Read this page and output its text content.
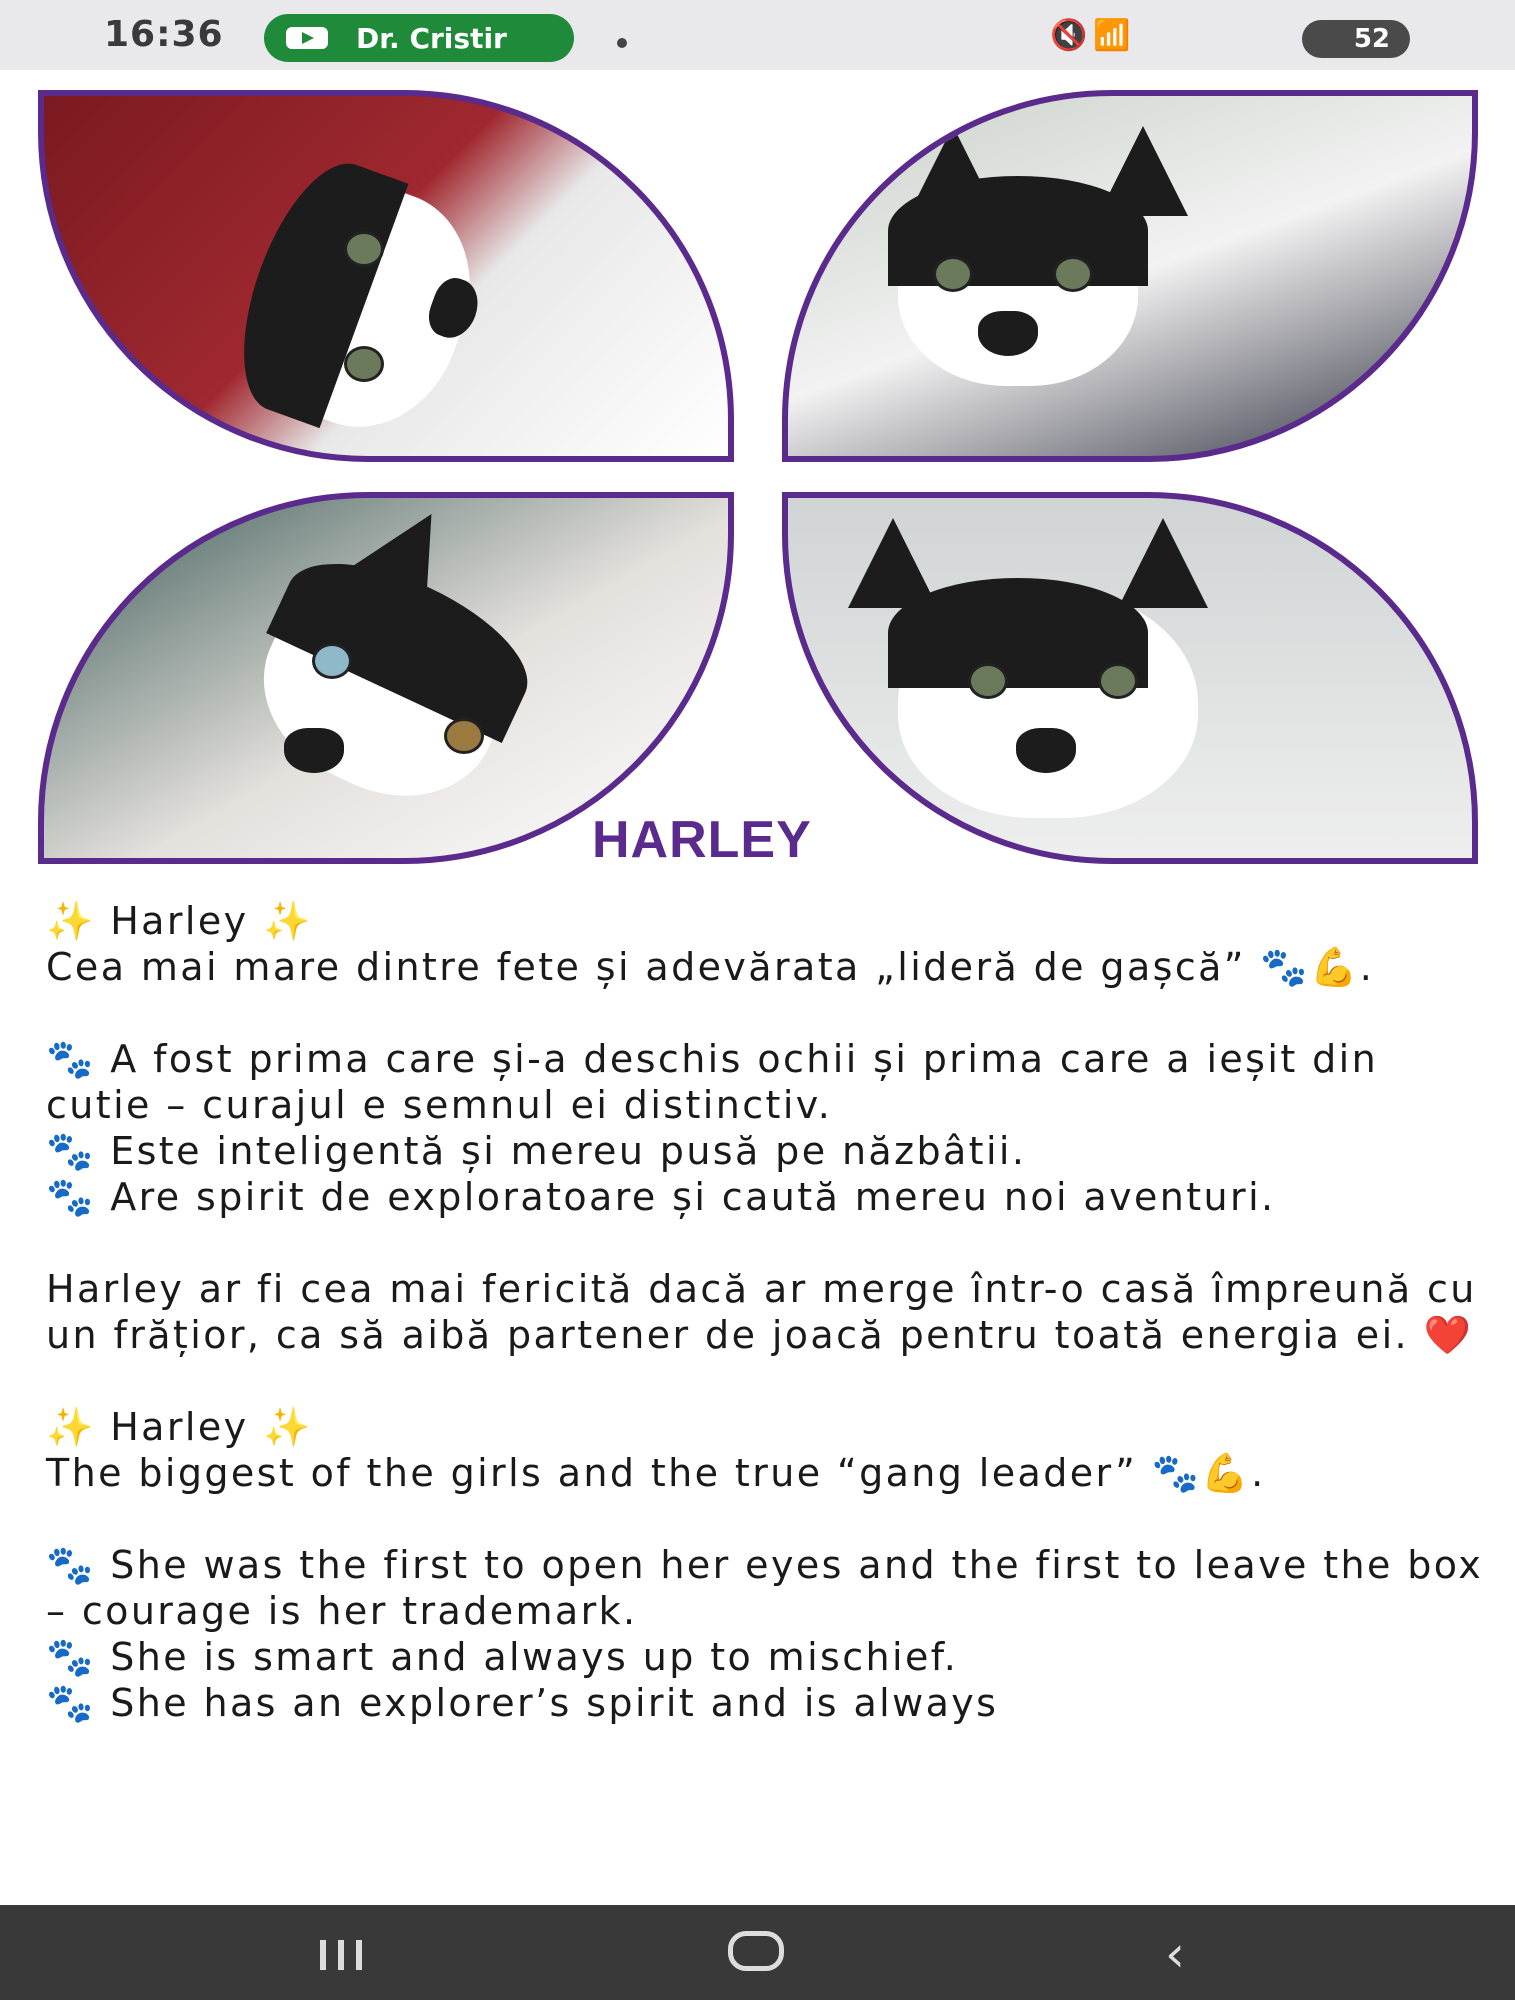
16:36	Dr. Cristir	🔇📶	52
HARLEY

✨ Harley ✨

Cea mai mare dintre fete și adevărata „lideră de gașcă” 🐾💪.

🐾 A fost prima care și-a deschis ochii și prima care a ieșit din cutie – curajul e semnul ei distinctiv.

🐾 Este inteligentă și mereu pusă pe năzbâtii.

🐾 Are spirit de exploratoare și caută mereu noi aventuri.

Harley ar fi cea mai fericită dacă ar merge într-o casă împreună cu un frățior, ca să aibă partener de joacă pentru toată energia ei. ❤️

✨ Harley ✨

The biggest of the girls and the true “gang leader” 🐾💪.

🐾 She was the first to open her eyes and the first to leave the box – courage is her trademark.

🐾 She is smart and always up to mischief.

🐾 She has an explorer’s spirit and is always

‹
